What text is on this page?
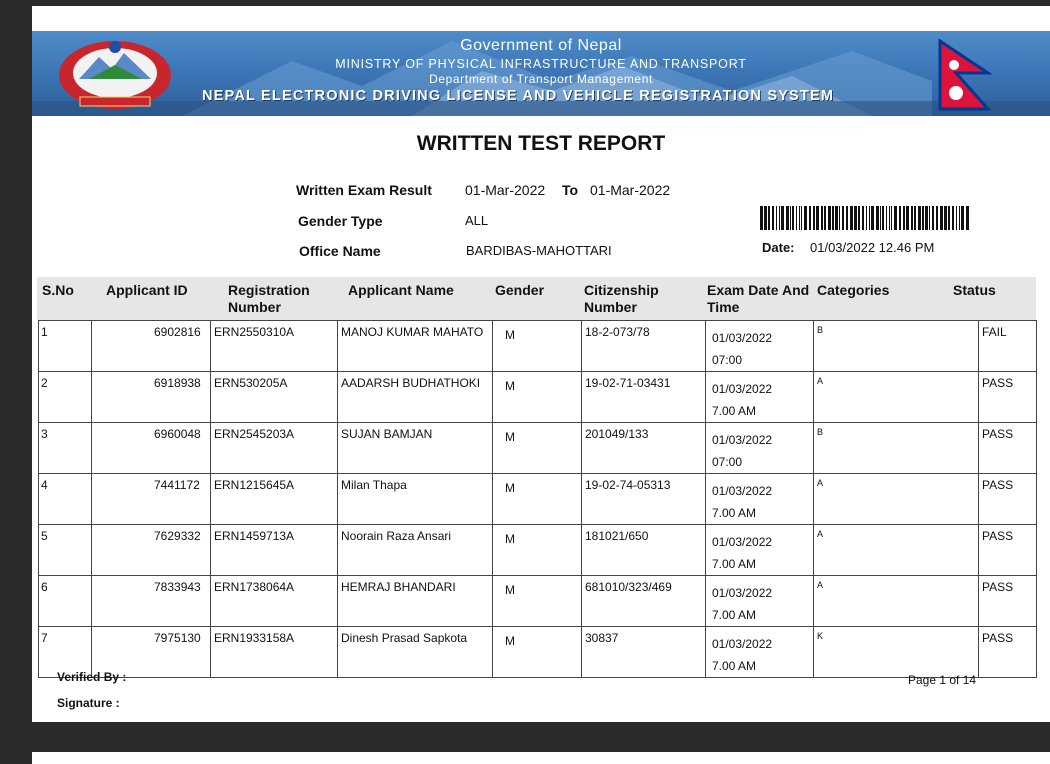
Government of Nepal
MINISTRY OF PHYSICAL INFRASTRUCTURE AND TRANSPORT
Department of Transport Management
NEPAL ELECTRONIC DRIVING LICENSE AND VEHICLE REGISTRATION SYSTEM
WRITTEN TEST REPORT
Written Exam Result 01-Mar-2022 To 01-Mar-2022
Gender Type	ALL
Office Name	BARDIBAS-MAHOTTARI	Date: 01/03/2022 12.46 PM
S.No Applicant ID	Registration
Number
Applicant Name	Gender	Citizenship
Number
Exam Date And
Time
Categories	Status
1	6902816	ERN2550310A	MANOJ KUMAR MAHATO	M	18-2-073/78	01/03/2022
07:00	B	FAIL

2	6918938	ERN530205A	AADARSH BUDHATHOKI	M	19-02-71-03431	01/03/2022
7.00 AM	A	PASS

3	6960048	ERN2545203A	SUJAN BAMJAN	M	201049/133	01/03/2022
07:00	B	PASS

4	7441172	ERN1215645A	Milan Thapa	M	19-02-74-05313	01/03/2022
7.00 AM	A	PASS

5	7629332	ERN1459713A	Noorain Raza Ansari	M	181021/650	01/03/2022
7.00 AM	A	PASS

6	7833943	ERN1738064A	HEMRAJ BHANDARI	M	681010/323/469	01/03/2022
7.00 AM	A	PASS

7	7975130	ERN1933158A	Dinesh Prasad Sapkota	M	30837	01/03/2022
7.00 AM	K	PASS
Verified By :
Signature :
Page 1 of 14
